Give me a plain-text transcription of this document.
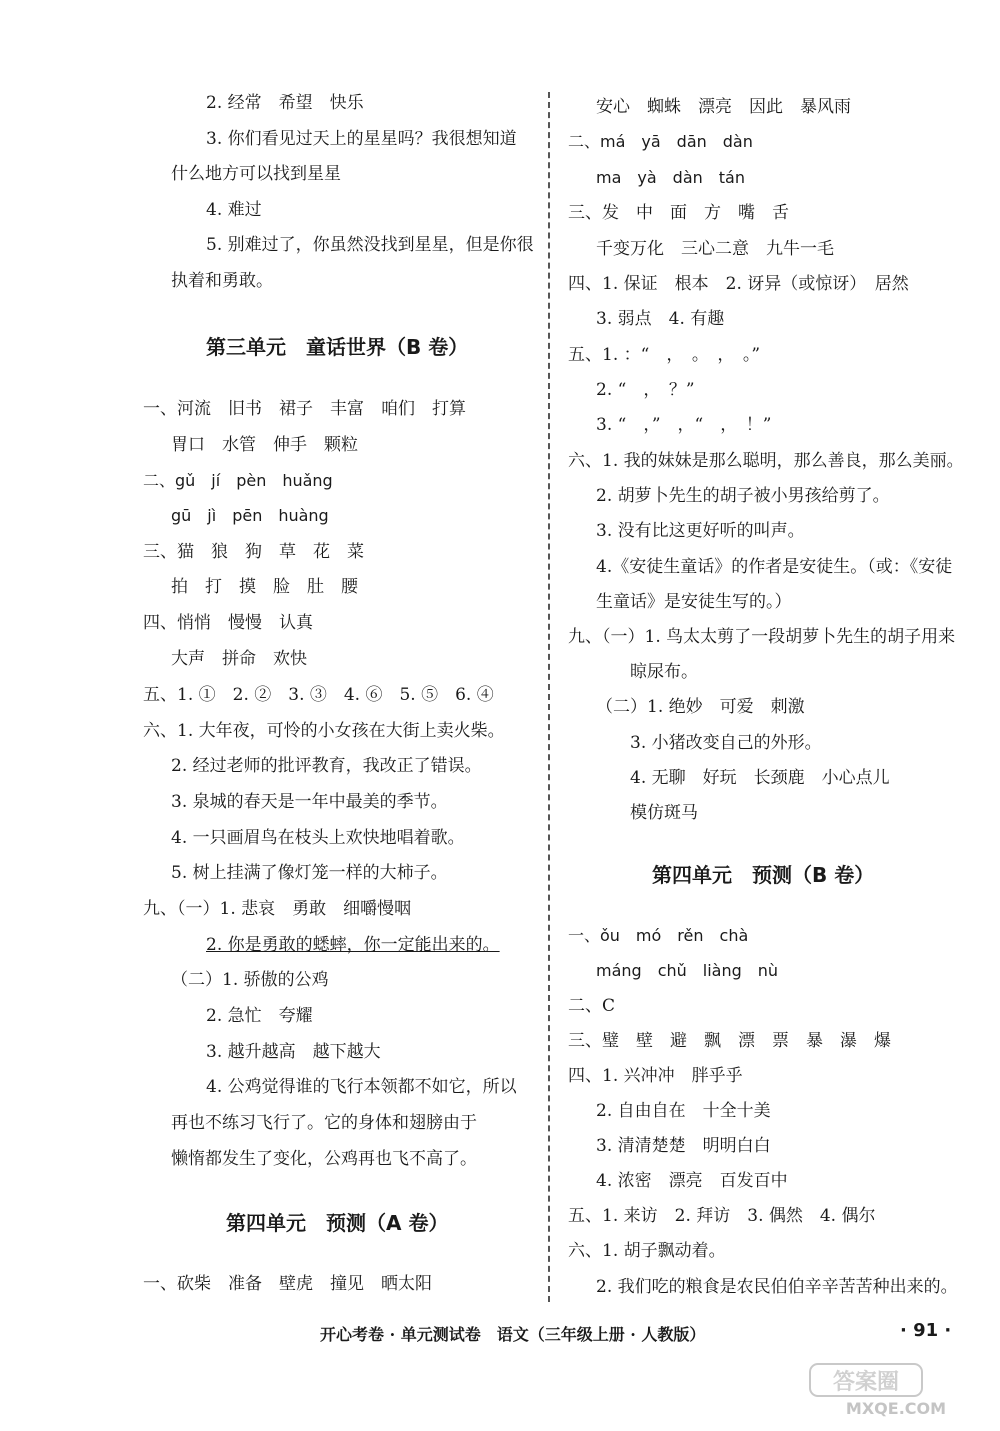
2. 经常　希望　快乐
3. 你们看见过天上的星星吗？我很想知道
什么地方可以找到星星
4. 难过
5. 别难过了，你虽然没找到星星，但是你很
执着和勇敢。
第三单元　童话世界（B 卷）
一、河流　旧书　裙子　丰富　咱们　打算
胃口　水管　伸手　颗粒
二、gǔ　jí　pèn　huǎng
gū　jì　pēn　huàng
三、猫　狼　狗　草　花　菜
拍　打　摸　脸　肚　腰
四、悄悄　慢慢　认真
大声　拼命　欢快
五、1. ①　2. ②　3. ③　4. ⑥　5. ⑤　6. ④
六、1. 大年夜，可怜的小女孩在大街上卖火柴。
2. 经过老师的批评教育，我改正了错误。
3. 泉城的春天是一年中最美的季节。
4. 一只画眉鸟在枝头上欢快地唱着歌。
5. 树上挂满了像灯笼一样的大柿子。
九、（一）1. 悲哀　勇敢　细嚼慢咽
2. 你是勇敢的蟋蟀，你一定能出来的。
（二）1. 骄傲的公鸡
2. 急忙　夸耀
3. 越升越高　越下越大
4. 公鸡觉得谁的飞行本领都不如它，所以
再也不练习飞行了。它的身体和翅膀由于
懒惰都发生了变化，公鸡再也飞不高了。
第四单元　预测（A 卷）
一、砍柴　准备　壁虎　撞见　晒太阳
安心　蜘蛛　漂亮　因此　暴风雨
二、má　yā　dān　dàn
ma　yà　dàn　tán
三、发　中　面　方　嘴　舌
千变万化　三心二意　九牛一毛
四、1. 保证　根本　2. 讶异（或惊讶）　居然
3. 弱点　4. 有趣
五、1. ：“　，　。　，　。”
2. “　，　？”
3. “　，”　，“　，　！”
六、1. 我的妹妹是那么聪明，那么善良，那么美丽。
2. 胡萝卜先生的胡子被小男孩给剪了。
3. 没有比这更好听的叫声。
4.《安徒生童话》的作者是安徒生。（或：《安徒
生童话》是安徒生写的。）
九、（一）1. 鸟太太剪了一段胡萝卜先生的胡子用来
晾尿布。
（二）1. 绝妙　可爱　刺激
3. 小猪改变自己的外形。
4. 无聊　好玩　长颈鹿　小心点儿
模仿斑马
第四单元　预测（B 卷）
一、ǒu　mó　rěn　chà
máng　chǔ　liàng　nù
二、C
三、璧　壁　避　飘　漂　票　暴　瀑　爆
四、1. 兴冲冲　胖乎乎
2. 自由自在　十全十美
3. 清清楚楚　明明白白
4. 浓密　漂亮　百发百中
五、1. 来访　2. 拜访　3. 偶然　4. 偶尔
六、1. 胡子飘动着。
2. 我们吃的粮食是农民伯伯辛辛苦苦种出来的。
开心考卷 · 单元测试卷　语文（三年级上册 · 人教版）	· 91 ·
答案圈
MXQE.COM
